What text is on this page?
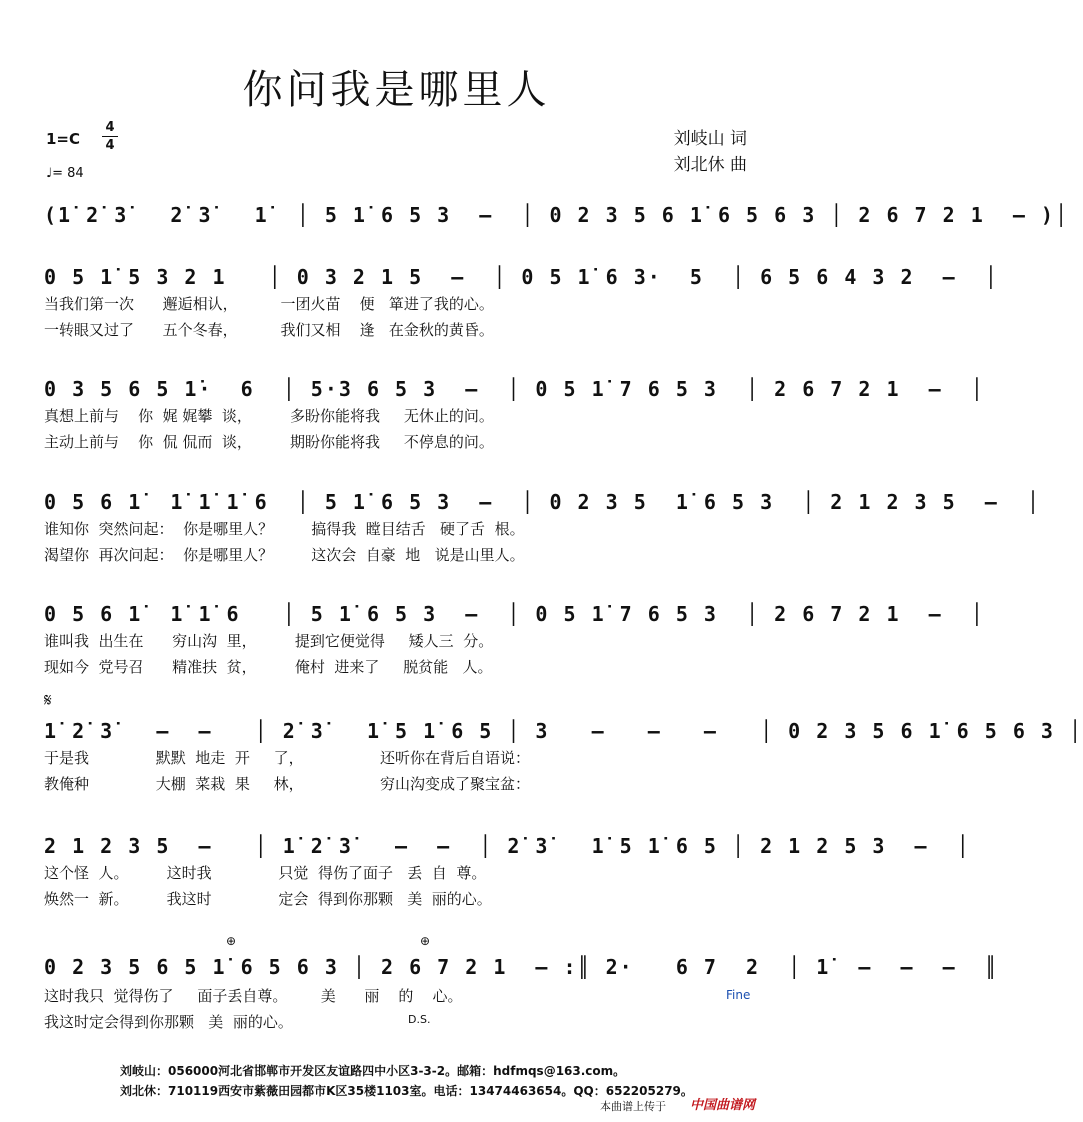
你问我是哪里人
1=C
4
4
♩= 84
刘岐山 词
刘北休 曲
(1̇ 2̇ 3̇   2̇ 3̇   1̇  │ 5 1̇ 6 5 3  —  │ 0 2 3 5 6 1̇ 6 5 6 3 │ 2 6 7 2 1  — )│
0 5 1̇ 5 3 2 1   │ 0 3 2 1 5  —  │ 0 5 1̇ 6 3·  5  │ 6 5 6 4 3 2  —  │
当我们第一次      邂逅相认，         一团火苗    便   箪进了我的心。
一转眼又过了      五个冬春，         我们又相    逢   在金秋的黄昏。
0 3 5 6 5 1̇·  6  │ 5·3 6 5 3  —  │ 0 5 1̇ 7 6 5 3  │ 2 6 7 2 1  —  │
真想上前与    你  娓 娓攀  谈，        多盼你能将我     无休止的问。
主动上前与    你  侃 侃而  谈，        期盼你能将我     不停息的问。
0 5 6 1̇  1̇ 1̇ 1̇ 6  │ 5 1̇ 6 5 3  —  │ 0 2 3 5  1̇ 6 5 3  │ 2 1 2 3 5  —  │
谁知你  突然问起：  你是哪里人？        搞得我  瞠目结舌   硬了舌  根。
渴望你  再次问起：  你是哪里人？        这次会  自豪  地   说是山里人。
0 5 6 1̇  1̇ 1̇ 6   │ 5 1̇ 6 5 3  —  │ 0 5 1̇ 7 6 5 3  │ 2 6 7 2 1  —  │
谁叫我  出生在      穷山沟  里，        提到它便觉得     矮人三  分。
现如今  党号召      精准扶  贫，        俺村  进来了     脱贫能   人。
𝄋
1̇ 2̇ 3̇   —  —   │ 2̇ 3̇   1̇ 5 1̇ 6 5 │ 3   —   —   —   │ 0 2 3 5 6 1̇ 6 5 6 3 │
于是我              默默  地走  开     了，                还听你在背后自语说：
教俺种              大棚  菜栽  果     林，                穷山沟变成了聚宝盆：
2 1 2 3 5  —   │ 1̇ 2̇ 3̇   —  —  │ 2̇ 3̇   1̇ 5 1̇ 6 5 │ 2 1 2 5 3  —  │
这个怪  人。        这时我              只觉  得伤了面子   丢  自  尊。
焕然一  新。        我这时              定会  得到你那颗   美  丽的心。
⊕	⊕
0 2 3 5 6 5 1̇ 6 5 6 3 │ 2 6 7 2 1  — :║ 2·   6 7  2  │ 1̇  —  —  —  ║
这时我只  觉得伤了     面子丢自尊。       美      丽    的    心。
我这时定会得到你那颗   美  丽的心。
Fine
D.S.
刘岐山：056000河北省邯郸市开发区友谊路四中小区3-3-2。邮箱：hdfmqs@163.com。
刘北休：710119西安市紫薇田园都市K区35楼1103室。电话：13474463654。QQ：652205279。
本曲谱上传于 中国曲谱网
